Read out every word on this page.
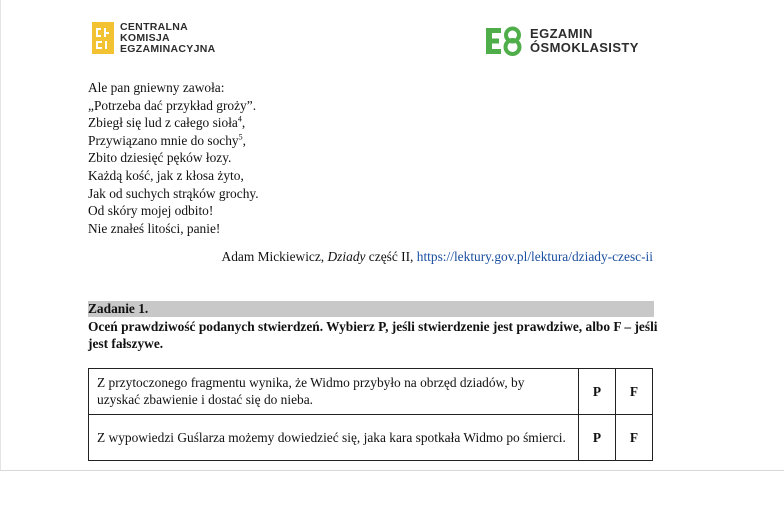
CENTRALNA
KOMISJA
EGZAMINACYJNA
EGZAMIN
ÓSMOKLASISTY
Ale pan gniewny zawoła:
„Potrzeba dać przykład groży”.
Zbiegł się lud z całego sioła$^4$,
Przywiązano mnie do sochy$^5$,
Zbito dziesięć pęków łozy.
Każdą kość, jak z kłosa żyto,
Jak od suchych strąków grochy.
Od skóry mojej odbito!
Nie znałeś litości, panie!
Adam Mickiewicz, Dziady część II, https://lektury.gov.pl/lektura/dziady-czesc-ii
Zadanie 1.
Oceń prawdziwość podanych stwierdzeń. Wybierz P, jeśli stwierdzenie jest prawdziwe, albo F – jeśli jest fałszywe.
Z przytoczonego fragmentu wynika, że Widmo przybyło na obrzęd dziadów, by uzyskać zbawienie i dostać się do nieba.	P	F
Z wypowiedzi Guślarza możemy dowiedzieć się, jaka kara spotkała Widmo po śmierci.	P	F
